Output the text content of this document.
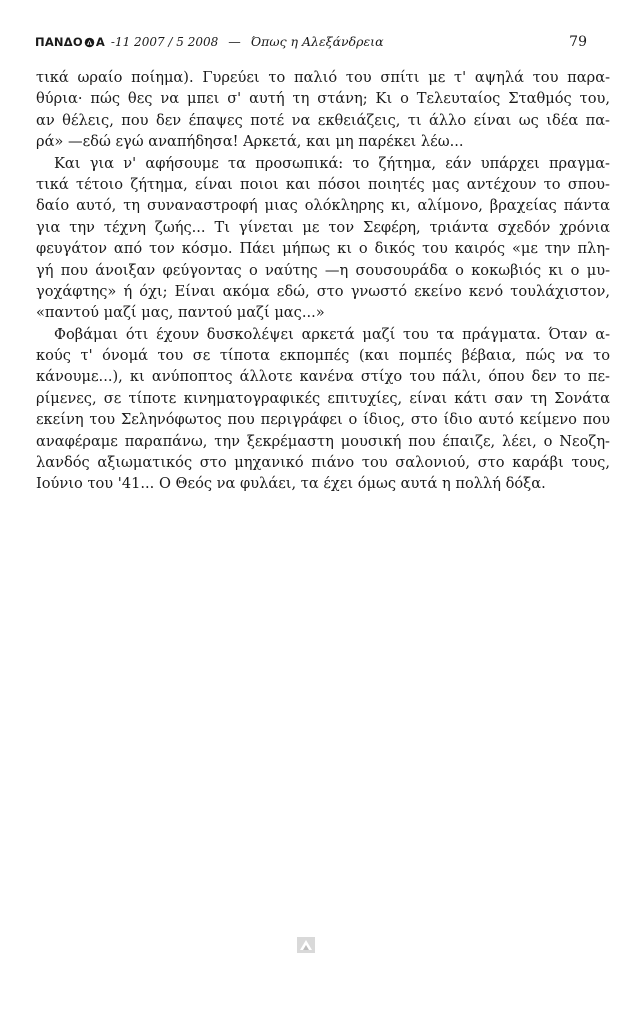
ΠΑΝΔΟ Α -11 2007 / 5 2008 — Όπως η Αλεξάνδρεια	79

τικά ωραίο ποίημα). Γυρεύει το παλιό του σπίτι με τ' αψηλά του παρα-
θύρια· πώς θες να μπει σ' αυτή τη στάνη; Κι ο Τελευταίος Σταθμός του,
αν θέλεις, που δεν έπαψες ποτέ να εκθειάζεις, τι άλλο είναι ως ιδέα πα-
ρά» —εδώ εγώ αναπήδησα! Αρκετά, και μη παρέκει λέω...

Και για ν' αφήσουμε τα προσωπικά: το ζήτημα, εάν υπάρχει πραγμα-
τικά τέτοιο ζήτημα, είναι ποιοι και πόσοι ποιητές μας αντέχουν το σπου-
δαίο αυτό, τη συναναστροφή μιας ολόκληρης κι, αλίμονο, βραχείας πάντα
για την τέχνη ζωής... Τι γίνεται με τον Σεφέρη, τριάντα σχεδόν χρόνια
φευγάτον από τον κόσμο. Πάει μήπως κι ο δικός του καιρός «με την πλη-
γή που άνοιξαν φεύγοντας ο ναύτης —η σουσουράδα ο κοκωβιός κι ο μυ-
γοχάφτης» ή όχι; Είναι ακόμα εδώ, στο γνωστό εκείνο κενό τουλάχιστον,
«παντού μαζί μας, παντού μαζί μας...»

Φοβάμαι ότι έχουν δυσκολέψει αρκετά μαζί του τα πράγματα. Όταν α-
κούς τ' όνομά του σε τίποτα εκπομπές (και πομπές βέβαια, πώς να το
κάνουμε...), κι ανύποπτος άλλοτε κανένα στίχο του πάλι, όπου δεν το πε-
ρίμενες, σε τίποτε κινηματογραφικές επιτυχίες, είναι κάτι σαν τη Σονάτα
εκείνη του Σεληνόφωτος που περιγράφει ο ίδιος, στο ίδιο αυτό κείμενο που
αναφέραμε παραπάνω, την ξεκρέμαστη μουσική που έπαιζε, λέει, ο Νεοζη-
λανδός αξιωματικός στο μηχανικό πιάνο του σαλονιού, στο καράβι τους,
Ιούνιο του '41... Ο Θεός να φυλάει, τα έχει όμως αυτά η πολλή δόξα.
